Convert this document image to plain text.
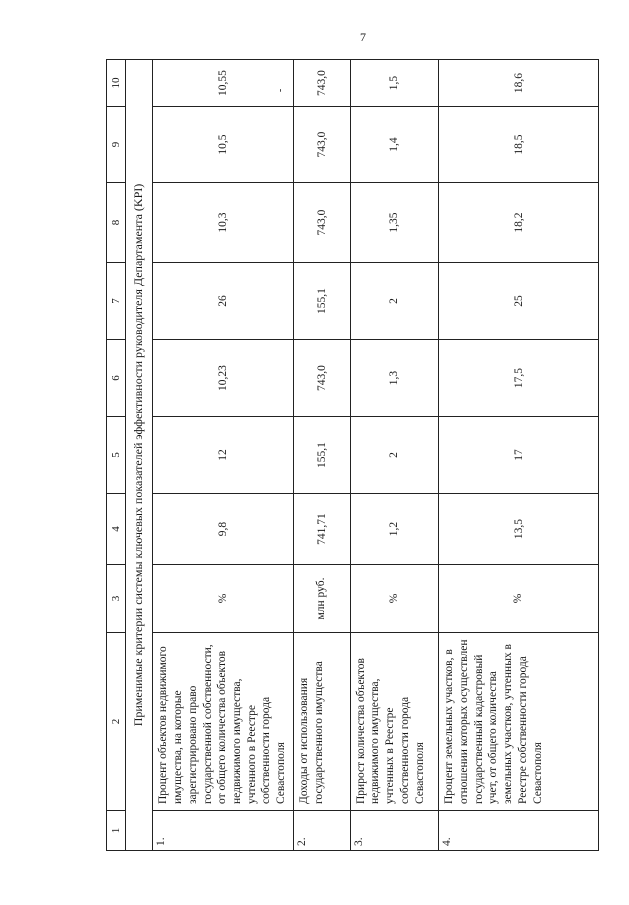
7
-
1	2	3	4	5	6	7	8	9	10
Применимые критерии системы ключевых показателей эффективности руководителя Департамента (KPI)									
1.	Процент объектов недвижимого имущества, на которые зарегистрировано право государственной собственности, от общего количества объектов недвижимого имущества, учтенного в Реестре собственности города Севастополя	%	9,8	12	10,23	26	10,3	10,5	10,55
2.	Доходы от использования государственного имущества	млн руб.	741,71	155,1	743,0	155,1	743,0	743,0	743,0
3.	Прирост количества объектов недвижимого имущества, учтенных в Реестре собственности города Севастополя	%	1,2	2	1,3	2	1,35	1,4	1,5
4.	Процент земельных участков, в отношении которых осуществлен государственный кадастровый учет, от общего количества земельных участков, учтенных в Реестре собственности города Севастополя	%	13,5	17	17,5	25	18,2	18,5	18,6
